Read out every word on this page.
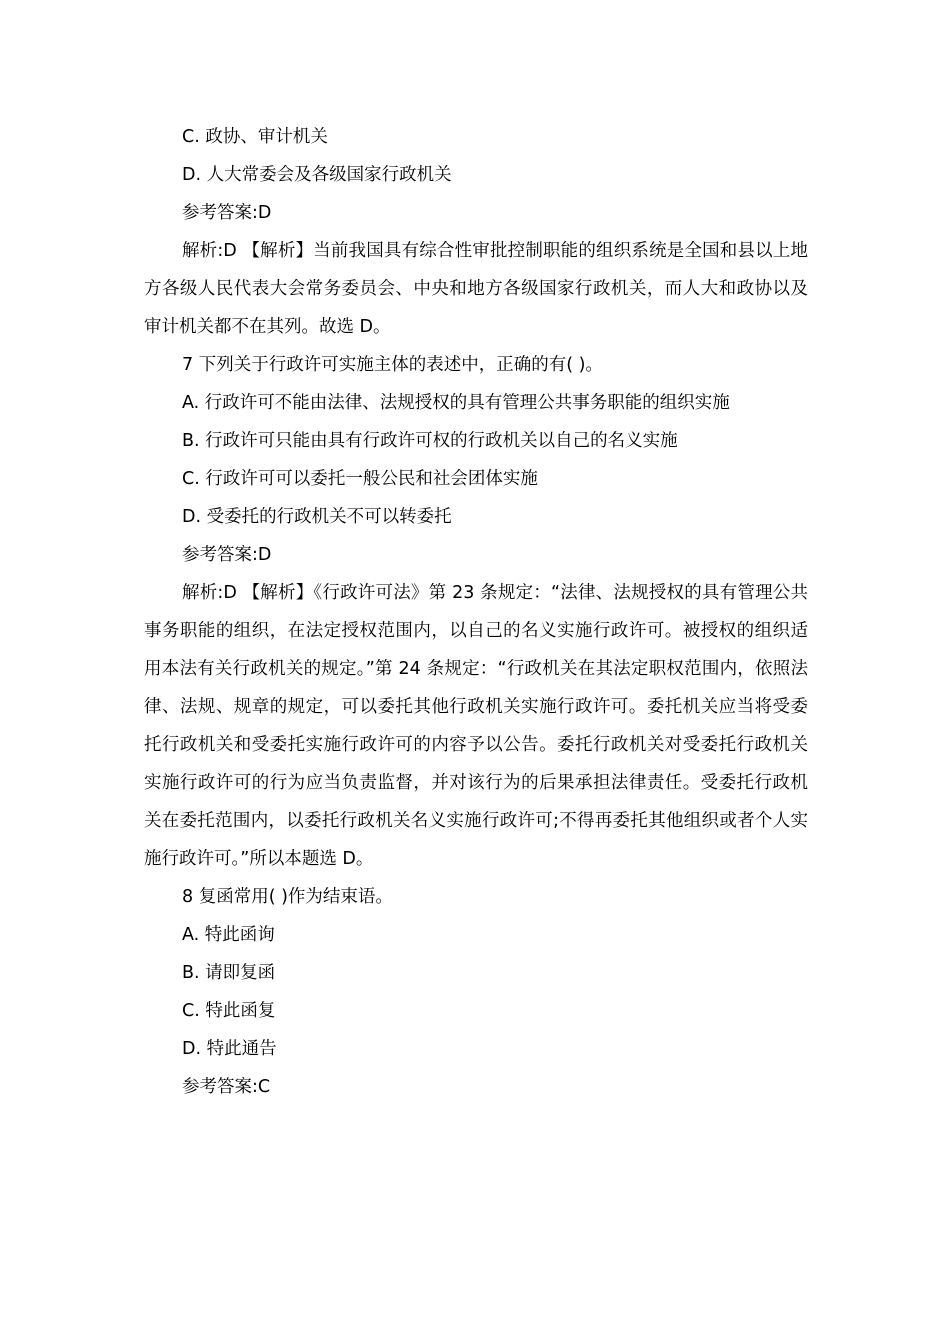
C. 政协、审计机关
D. 人大常委会及各级国家行政机关
参考答案:D

解析:D 【解析】当前我国具有综合性审批控制职能的组织系统是全国和县以上地方各级人民代表大会常务委员会、中央和地方各级国家行政机关，而人大和政协以及审计机关都不在其列。故选 D。

7 下列关于行政许可实施主体的表述中，正确的有( )。
A. 行政许可不能由法律、法规授权的具有管理公共事务职能的组织实施
B. 行政许可只能由具有行政许可权的行政机关以自己的名义实施
C. 行政许可可以委托一般公民和社会团体实施
D. 受委托的行政机关不可以转委托
参考答案:D

解析:D 【解析】《行政许可法》第 23 条规定：“法律、法规授权的具有管理公共事务职能的组织，在法定授权范围内，以自己的名义实施行政许可。被授权的组织适用本法有关行政机关的规定。”第 24 条规定：“行政机关在其法定职权范围内，依照法律、法规、规章的规定，可以委托其他行政机关实施行政许可。委托机关应当将受委托行政机关和受委托实施行政许可的内容予以公告。委托行政机关对受委托行政机关实施行政许可的行为应当负责监督，并对该行为的后果承担法律责任。受委托行政机关在委托范围内，以委托行政机关名义实施行政许可;不得再委托其他组织或者个人实施行政许可。”所以本题选 D。

8 复函常用( )作为结束语。
A. 特此函询
B. 请即复函
C. 特此函复
D. 特此通告
参考答案:C
